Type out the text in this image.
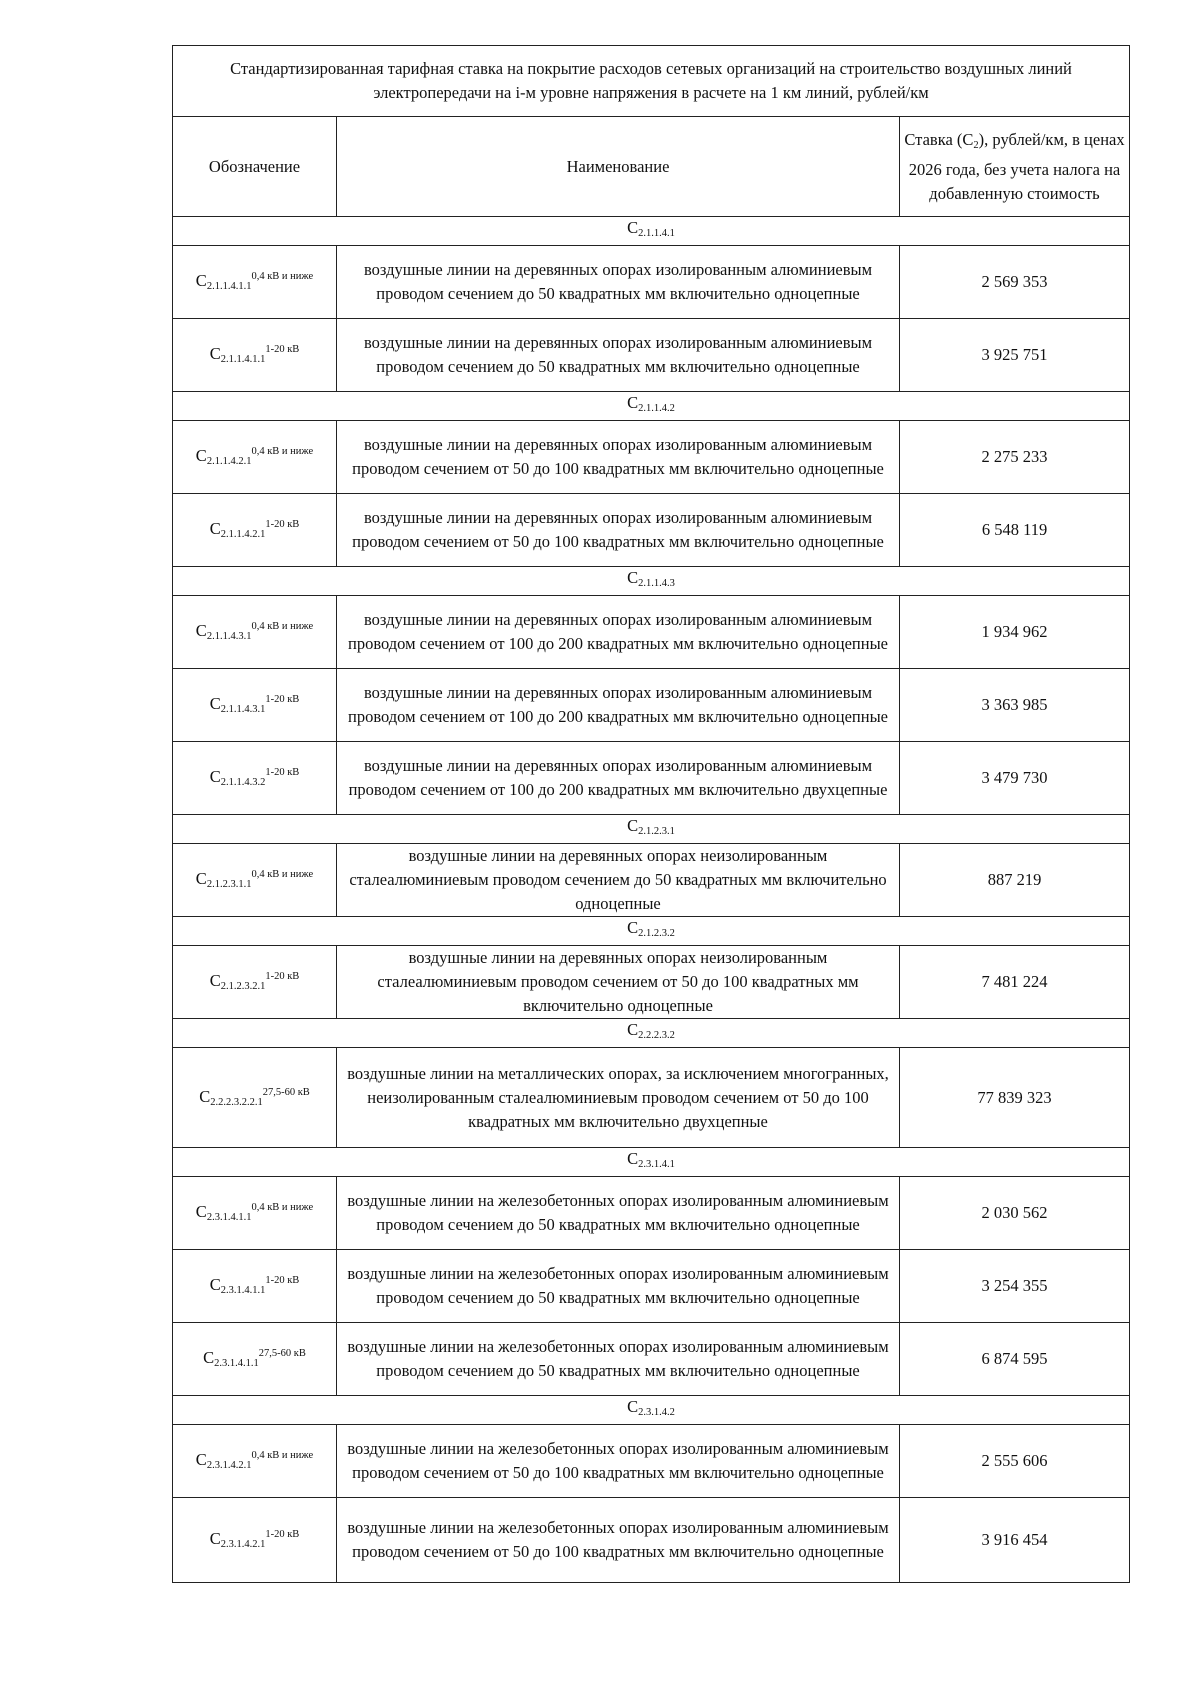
Стандартизированная тарифная ставка на покрытие расходов сетевых организаций на строительство воздушных линий электропередачи на i-м уровне напряжения в расчете на 1 км линий, рублей/км		
Обозначение	Наименование	Ставка $(С_2)$, рублей/км, в ценах 2026 года, без учета налога на добавленную стоимость
$С_{2.1.1.4.1}$
$С_{2.1.1.4.1.1}^{0,4 кВ и ниже}$	воздушные линии на деревянных опорах изолированным алюминиевым проводом сечением до 50 квадратных мм включительно одноцепные	2 569 353
$С_{2.1.1.4.1.1}^{1-20 кВ}$	воздушные линии на деревянных опорах изолированным алюминиевым проводом сечением до 50 квадратных мм включительно одноцепные	3 925 751
$С_{2.1.1.4.2}$
$С_{2.1.1.4.2.1}^{0,4 кВ и ниже}$	воздушные линии на деревянных опорах изолированным алюминиевым проводом сечением от 50 до 100 квадратных мм включительно одноцепные	2 275 233
$С_{2.1.1.4.2.1}^{1-20 кВ}$	воздушные линии на деревянных опорах изолированным алюминиевым проводом сечением от 50 до 100 квадратных мм включительно одноцепные	6 548 119
$С_{2.1.1.4.3}$
$С_{2.1.1.4.3.1}^{0,4 кВ и ниже}$	воздушные линии на деревянных опорах изолированным алюминиевым проводом сечением от 100 до 200 квадратных мм включительно одноцепные	1 934 962
$С_{2.1.1.4.3.1}^{1-20 кВ}$	воздушные линии на деревянных опорах изолированным алюминиевым проводом сечением от 100 до 200 квадратных мм включительно одноцепные	3 363 985
$С_{2.1.1.4.3.2}^{1-20 кВ}$	воздушные линии на деревянных опорах изолированным алюминиевым проводом сечением от 100 до 200 квадратных мм включительно двухцепные	3 479 730
$С_{2.1.2.3.1}$
$С_{2.1.2.3.1.1}^{0,4 кВ и ниже}$	воздушные линии на деревянных опорах неизолированным сталеалюминиевым проводом сечением до 50 квадратных мм включительно одноцепные	887 219
$С_{2.1.2.3.2}$
$С_{2.1.2.3.2.1}^{1-20 кВ}$	воздушные линии на деревянных опорах неизолированным сталеалюминиевым проводом сечением от 50 до 100 квадратных мм включительно одноцепные	7 481 224
$С_{2.2.2.3.2}$
$С_{2.2.2.3.2.2.1}^{27,5-60 кВ}$	воздушные линии на металлических опорах, за исключением многогранных, неизолированным сталеалюминиевым проводом сечением от 50 до 100 квадратных мм включительно двухцепные	77 839 323
$С_{2.3.1.4.1}$
$С_{2.3.1.4.1.1}^{0,4 кВ и ниже}$	воздушные линии на железобетонных опорах изолированным алюминиевым проводом сечением до 50 квадратных мм включительно одноцепные	2 030 562
$С_{2.3.1.4.1.1}^{1-20 кВ}$	воздушные линии на железобетонных опорах изолированным алюминиевым проводом сечением до 50 квадратных мм включительно одноцепные	3 254 355
$С_{2.3.1.4.1.1}^{27,5-60 кВ}$	воздушные линии на железобетонных опорах изолированным алюминиевым проводом сечением до 50 квадратных мм включительно одноцепные	6 874 595
$С_{2.3.1.4.2}$
$С_{2.3.1.4.2.1}^{0,4 кВ и ниже}$	воздушные линии на железобетонных опорах изолированным алюминиевым проводом сечением от 50 до 100 квадратных мм включительно одноцепные	2 555 606
$С_{2.3.1.4.2.1}^{1-20 кВ}$	воздушные линии на железобетонных опорах изолированным алюминиевым проводом сечением от 50 до 100 квадратных мм включительно одноцепные	3 916 454
